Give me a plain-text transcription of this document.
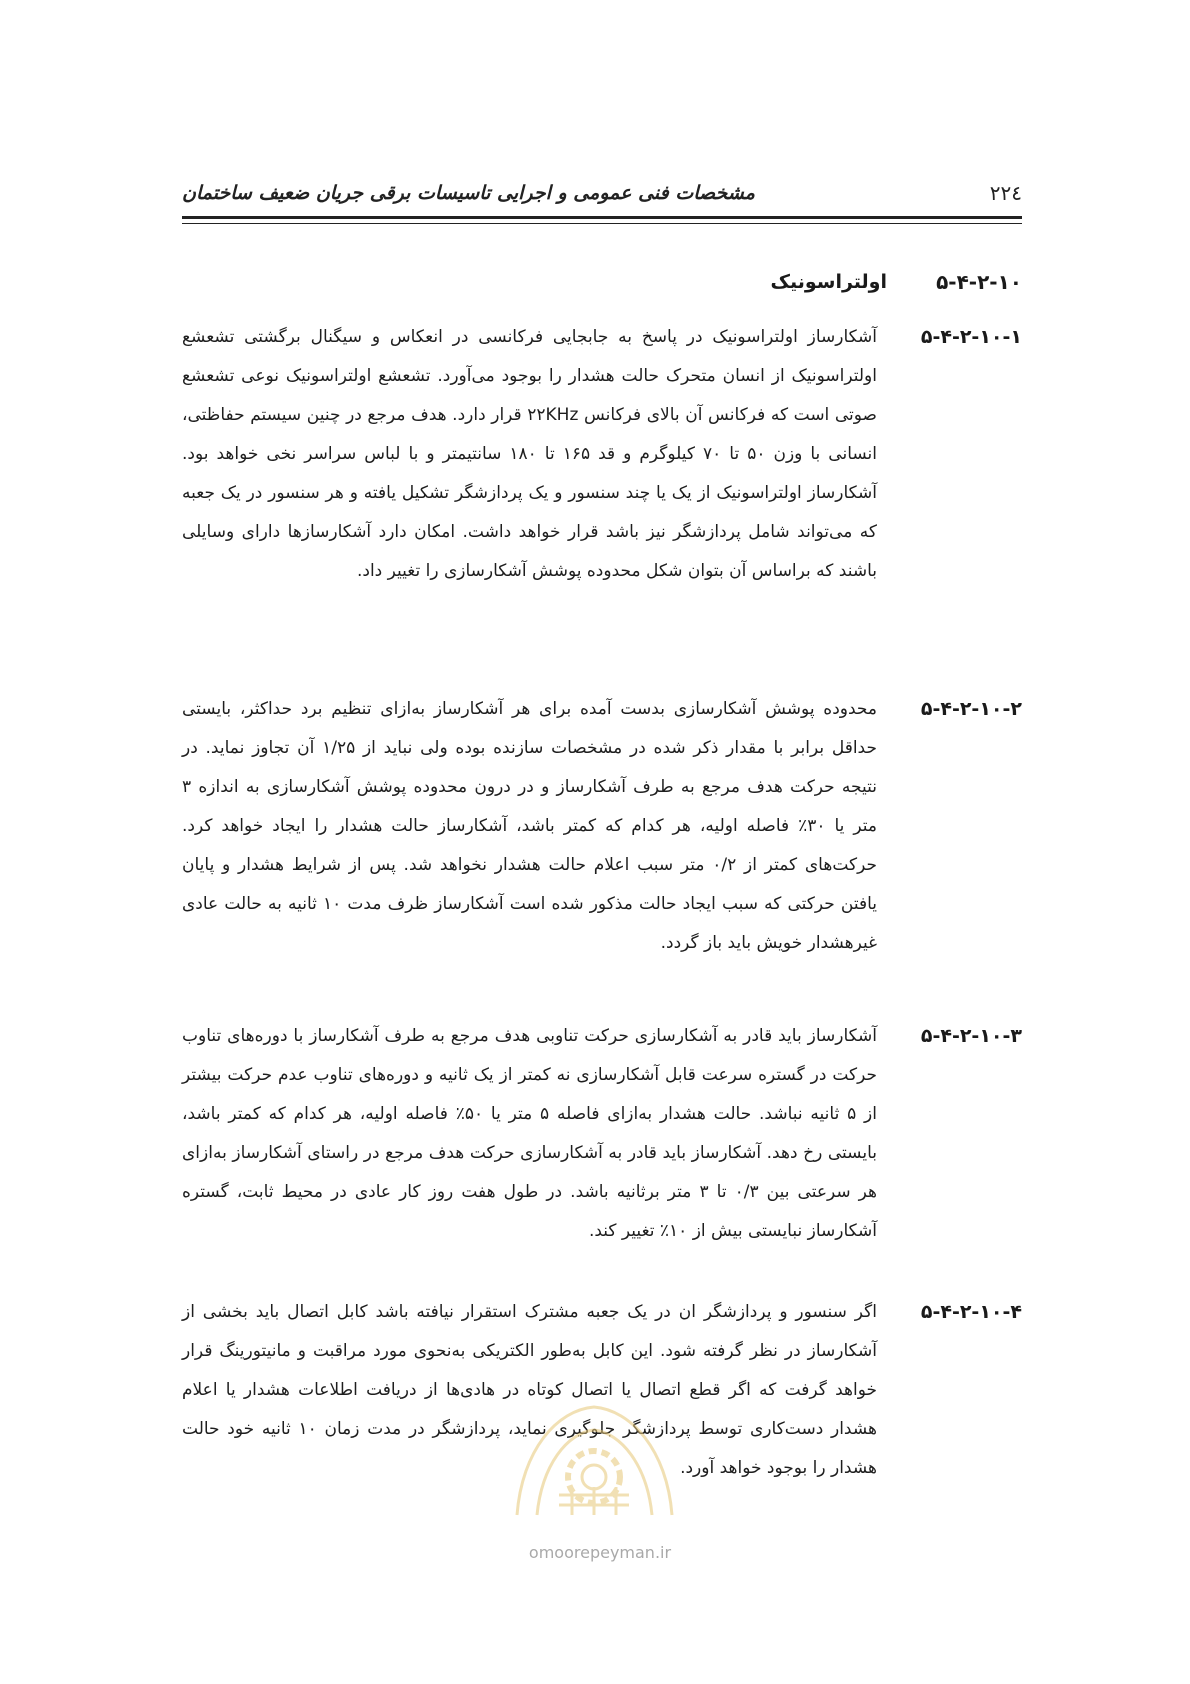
مشخصات فنی عمومی و اجرایی تاسیسات برقی جریان ضعیف ساختمان	۲۲٤
۵-۴-۲-۱۰
اولتراسونیک
۵-۴-۲-۱۰-۱
آشکارساز اولتراسونیک در پاسخ به جابجایی فرکانسی در انعکاس و سیگنال برگشتی تشعشع اولتراسونیک از انسان متحرک حالت هشدار را بوجود می‌آورد. تشعشع اولتراسونیک نوعی تشعشع صوتی است که فرکانس آن بالای فرکانس ۲۲KHz قرار دارد. هدف مرجع در چنین سیستم حفاظتی، انسانی با وزن ۵۰ تا ۷۰ کیلوگرم و قد ۱۶۵ تا ۱۸۰ سانتیمتر و با لباس سراسر نخی خواهد بود. آشکارساز اولتراسونیک از یک یا چند سنسور و یک پردازشگر تشکیل یافته و هر سنسور در یک جعبه که می‌تواند شامل پردازشگر نیز باشد قرار خواهد داشت. امکان دارد آشکارسازها دارای وسایلی باشند که براساس آن بتوان شکل محدوده پوشش آشکارسازی را تغییر داد.
۵-۴-۲-۱۰-۲
محدوده پوشش آشکارسازی بدست آمده برای هر آشکارساز به‌ازای تنظیم برد حداکثر، بایستی حداقل برابر با مقدار ذکر شده در مشخصات سازنده بوده ولی نباید از ۱/۲۵ آن تجاوز نماید. در نتیجه حرکت هدف مرجع به طرف آشکارساز و در درون محدوده پوشش آشکارسازی به اندازه ۳ متر یا ۳۰٪ فاصله اولیه، هر کدام که کمتر باشد، آشکارساز حالت هشدار را ایجاد خواهد کرد. حرکت‌های کمتر از ۰/۲ متر سبب اعلام حالت هشدار نخواهد شد. پس از شرایط هشدار و پایان یافتن حرکتی که سبب ایجاد حالت مذکور شده است آشکارساز ظرف مدت ۱۰ ثانیه به حالت عادی غیرهشدار خویش باید باز گردد.
۵-۴-۲-۱۰-۳
آشکارساز باید قادر به آشکارسازی حرکت تناوبی هدف مرجع به طرف آشکارساز با دوره‌های تناوب حرکت در گستره سرعت قابل آشکارسازی نه کمتر از یک ثانیه و دوره‌های تناوب عدم حرکت بیشتر از ۵ ثانیه نباشد. حالت هشدار به‌ازای فاصله ۵ متر یا ۵۰٪ فاصله اولیه، هر کدام که کمتر باشد، بایستی رخ دهد. آشکارساز باید قادر به آشکارسازی حرکت هدف مرجع در راستای آشکارساز به‌ازای هر سرعتی بین ۰/۳ تا ۳ متر برثانیه باشد. در طول هفت روز کار عادی در محیط ثابت، گستره آشکارساز نبایستی بیش از ۱۰٪ تغییر کند.
۵-۴-۲-۱۰-۴
اگر سنسور و پردازشگر ان در یک جعبه مشترک استقرار نیافته باشد کابل اتصال باید بخشی از آشکارساز در نظر گرفته شود. این کابل به‌طور الکتریکی به‌نحوی مورد مراقبت و مانیتورینگ قرار خواهد گرفت که اگر قطع اتصال یا اتصال کوتاه در هادی‌ها از دریافت اطلاعات هشدار یا اعلام هشدار دست‌کاری توسط پردازشگر جلوگیری نماید، پردازشگر در مدت زمان ۱۰ ثانیه خود حالت هشدار را بوجود خواهد آورد.
omoorepeyman.ir
